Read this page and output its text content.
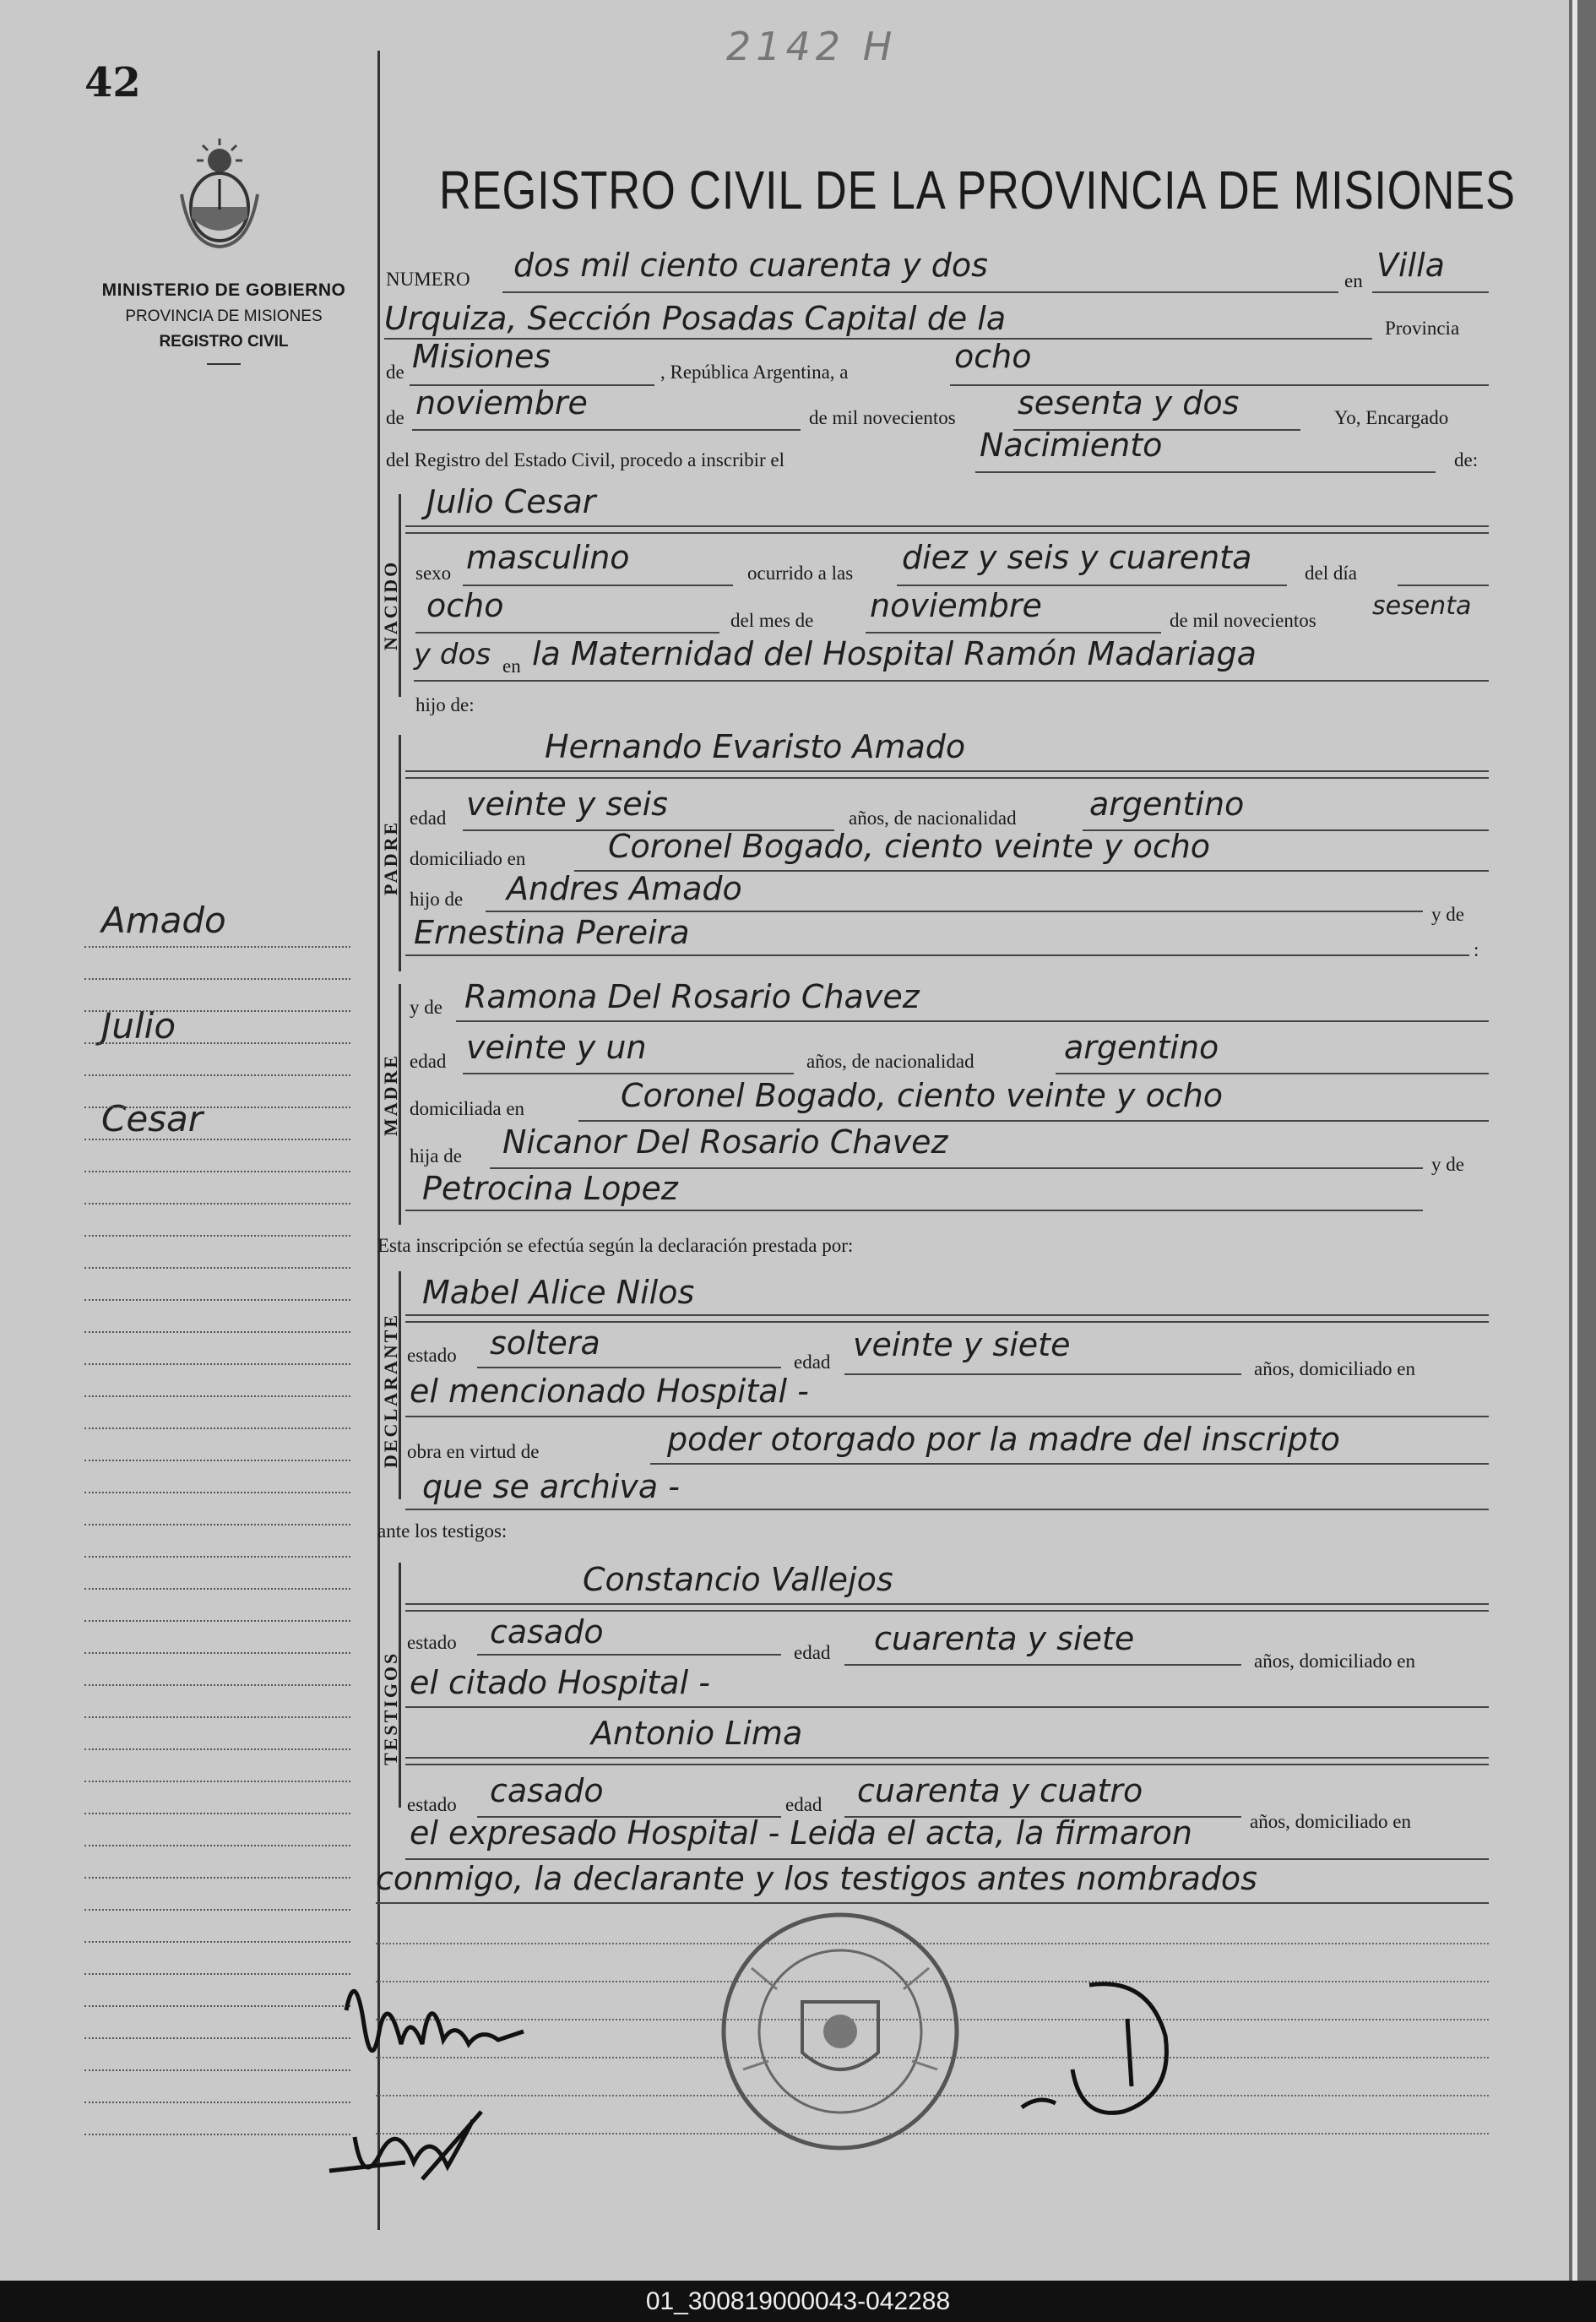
42
2142 H
MINISTERIO DE GOBIERNO
PROVINCIA DE MISIONES
REGISTRO CIVIL
Amado
Julio
Cesar
REGISTRO CIVIL DE LA PROVINCIA DE MISIONES
NUMERO dos mil ciento cuarenta y dos	en Villa
Urquiza, Sección Posadas Capital de la	Provincia
de Misiones	, República Argentina, a	ocho
de noviembre	de mil novecientos sesenta y dos	Yo, Encargado
del Registro del Estado Civil, procedo a inscribir el	Nacimiento	de:
NACIDO
Julio Cesar
sexo masculino	ocurrido a las diez y seis y cuarenta	del día
ocho	del mes de noviembre	de mil novecientos sesenta
y dos en la Maternidad del Hospital Ramón Madariaga
hijo de:
PADRE
Hernando Evaristo Amado
edad veinte y seis	años, de nacionalidad argentino
domiciliado en	Coronel Bogado, ciento veinte y ocho
hijo de Andres Amado
y de
Ernestina Pereira	:
MADRE
y de Ramona Del Rosario Chavez
edad veinte y un	años, de nacionalidad	argentino
domiciliada en	Coronel Bogado, ciento veinte y ocho
hija de Nicanor Del Rosario Chavez
Petrocina Lopez
y de
Esta inscripción se efectúa según la declaración prestada por:
DECLARANTE
Mabel Alice Nilos
estado soltera
edad veinte y siete
años, domiciliado en
el mencionado Hospital -
obra en virtud de	poder otorgado por la madre del inscripto
que se archiva -
ante los testigos:
TESTIGOS
Constancio Vallejos
estado casado
edad cuarenta y siete
años, domiciliado en
el citado Hospital -
Antonio Lima
estado casado	edad cuarenta y cuatro
años, domiciliado en
el expresado Hospital - Leida el acta, la firmaron
conmigo, la declarante y los testigos antes nombrados
01_300819000043-042288
